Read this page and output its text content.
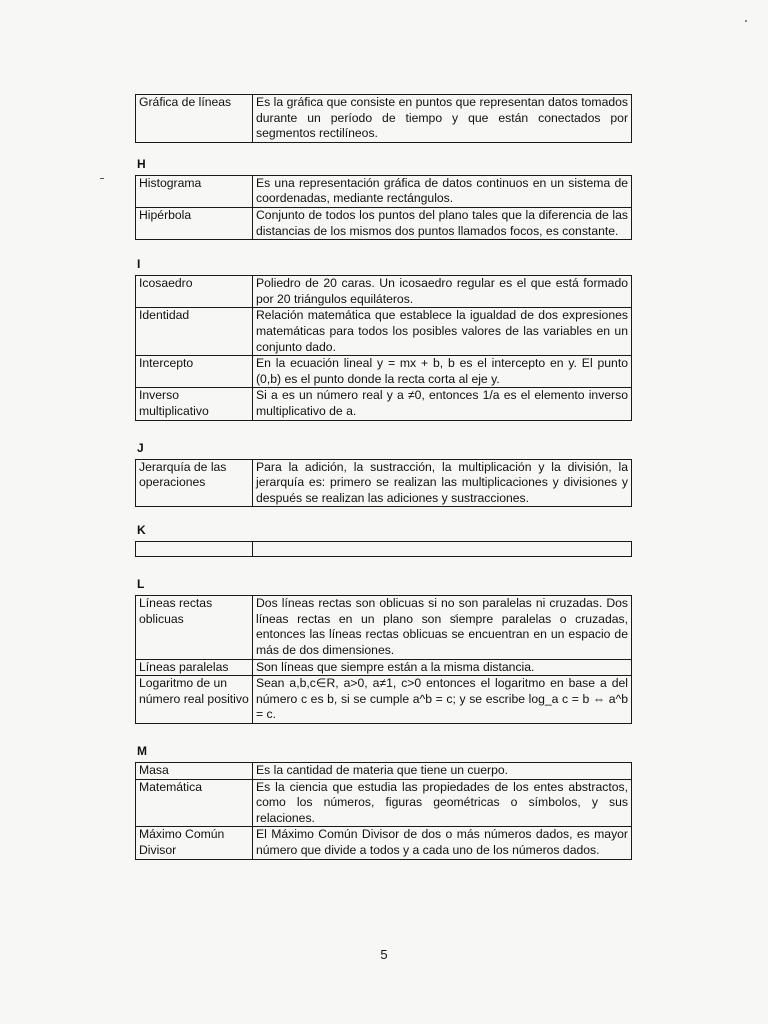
Gráfica de líneas	Es la gráfica que consiste en puntos que representan datos tomados durante un período de tiempo y que están conectados por segmentos rectilíneos.
H
Histograma	Es una representación gráfica de datos continuos en un sistema de coordenadas, mediante rectángulos.
Hipérbola	Conjunto de todos los puntos del plano tales que la diferencia de las distancias de los mismos dos puntos llamados focos, es constante.
I
Icosaedro	Poliedro de 20 caras. Un icosaedro regular es el que está formado por 20 triángulos equiláteros.
Identidad	Relación matemática que establece la igualdad de dos expresiones matemáticas para todos los posibles valores de las variables en un conjunto dado.
Intercepto	En la ecuación lineal y = mx + b, b es el intercepto en y. El punto (0,b) es el punto donde la recta corta al eje y.
Inverso multiplicativo	Si a es un número real y a ≠0, entonces 1/a es el elemento inverso multiplicativo de a.
J
Jerarquía de las operaciones	Para la adición, la sustracción, la multiplicación y la división, la jerarquía es: primero se realizan las multiplicaciones y divisiones y después se realizan las adiciones y sustracciones.
K

L
Líneas rectas oblicuas	Dos líneas rectas son oblicuas si no son paralelas ni cruzadas. Dos líneas rectas en un plano son siempre paralelas o cruzadas, entonces las líneas rectas oblicuas se encuentran en un espacio de más de dos dimensiones.
Líneas paralelas	Son líneas que siempre están a la misma distancia.
Logaritmo de un número real positivo	Sean a,b,c∈R, a>0, a≠1, c>0 entonces el logaritmo en base a del número c es b, si se cumple a^b = c; y se escribe log_a c = b ⇔ a^b = c.
M
Masa	Es la cantidad de materia que tiene un cuerpo.
Matemática	Es la ciencia que estudia las propiedades de los entes abstractos, como los números, figuras geométricas o símbolos, y sus relaciones.
Máximo Común Divisor	El Máximo Común Divisor de dos o más números dados, es mayor número que divide a todos y a cada uno de los números dados.
5
